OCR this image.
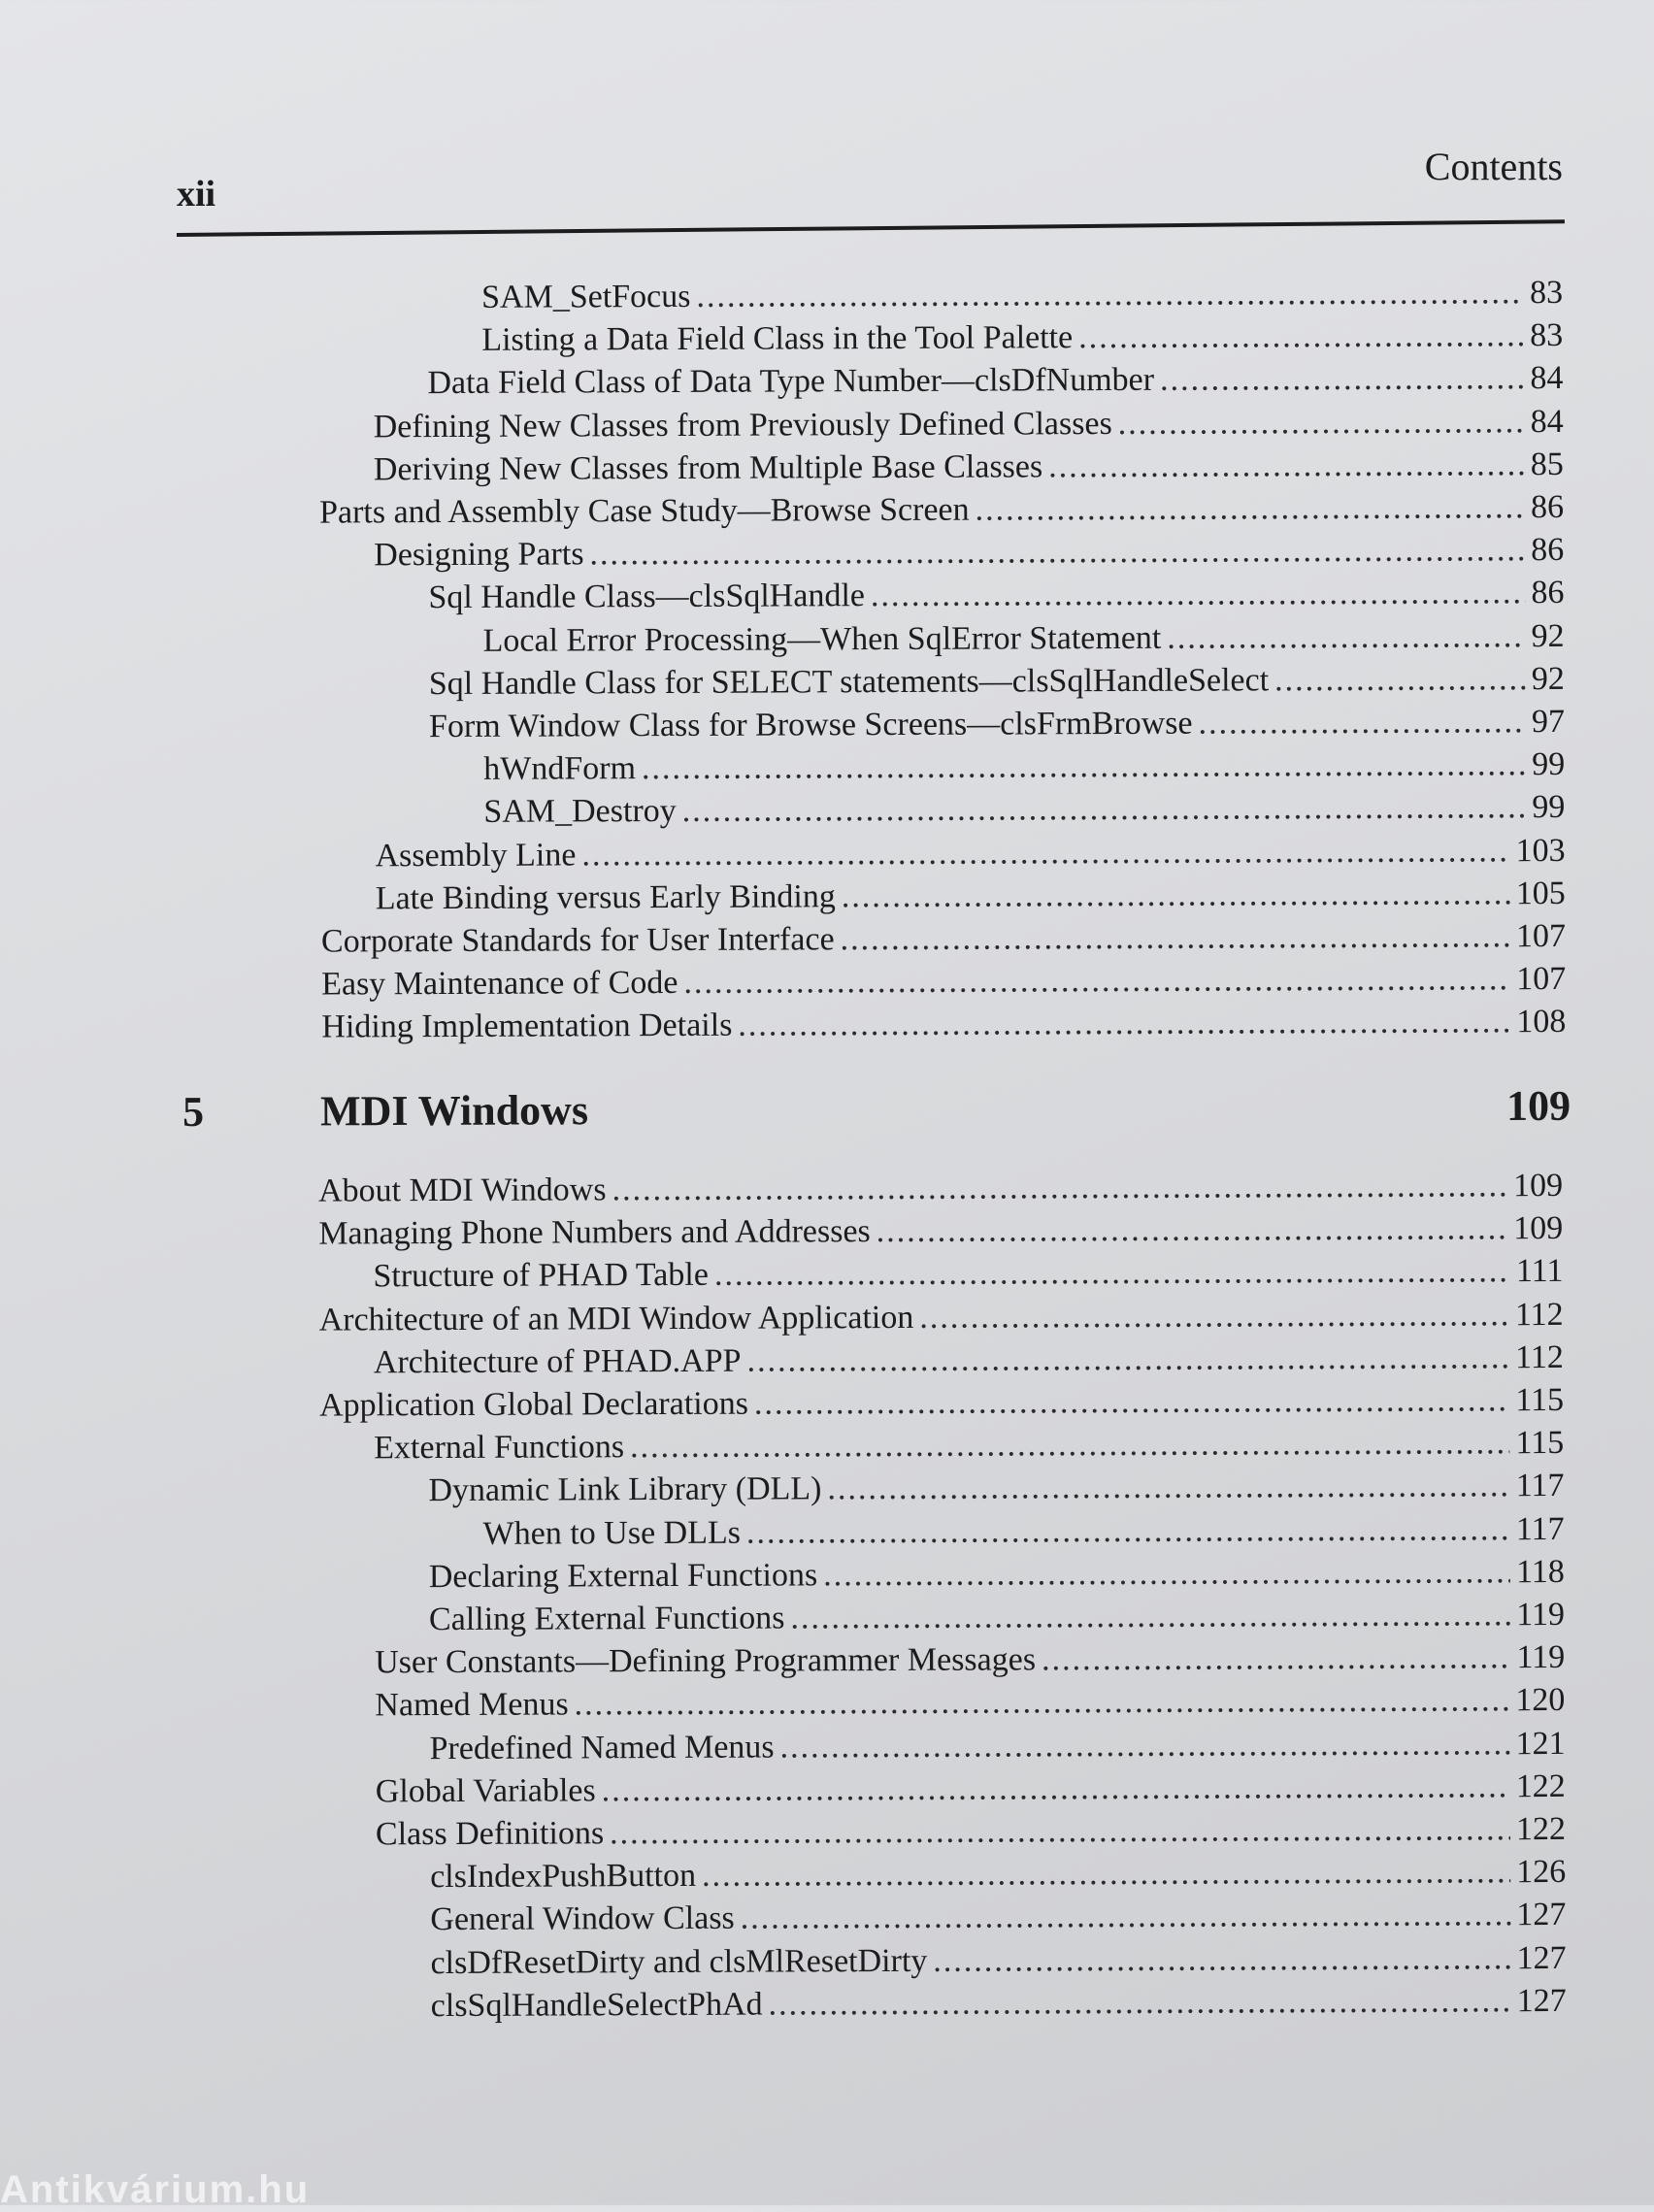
xii
Contents
SAM_SetFocus .....	83
Listing a Data Field Class in the Tool Palette .....	83
Data Field Class of Data Type Number—clsDfNumber .....	84
Defining New Classes from Previously Defined Classes .....	84
Deriving New Classes from Multiple Base Classes .....	85
Parts and Assembly Case Study—Browse Screen .....	86
Designing Parts .....	86
Sql Handle Class—clsSqlHandle .....	86
Local Error Processing—When SqlError Statement .....	92
Sql Handle Class for SELECT statements—clsSqlHandleSelect .....	92
Form Window Class for Browse Screens—clsFrmBrowse .....	97
hWndForm .....	99
SAM_Destroy .....	99
Assembly Line .....	103
Late Binding versus Early Binding .....	105
Corporate Standards for User Interface .....	107
Easy Maintenance of Code .....	107
Hiding Implementation Details .....	108
5	MDI Windows	109
About MDI Windows .....	109
Managing Phone Numbers and Addresses .....	109
Structure of PHAD Table .....	111
Architecture of an MDI Window Application .....	112
Architecture of PHAD.APP .....	112
Application Global Declarations .....	115
External Functions .....	115
Dynamic Link Library (DLL) .....	117
When to Use DLLs .....	117
Declaring External Functions .....	118
Calling External Functions .....	119
User Constants—Defining Programmer Messages .....	119
Named Menus .....	120
Predefined Named Menus .....	121
Global Variables .....	122
Class Definitions .....	122
clsIndexPushButton .....	126
General Window Class .....	127
clsDfResetDirty and clsMlResetDirty .....	127
clsSqlHandleSelectPhAd .....	127
Antikvárium.hu
